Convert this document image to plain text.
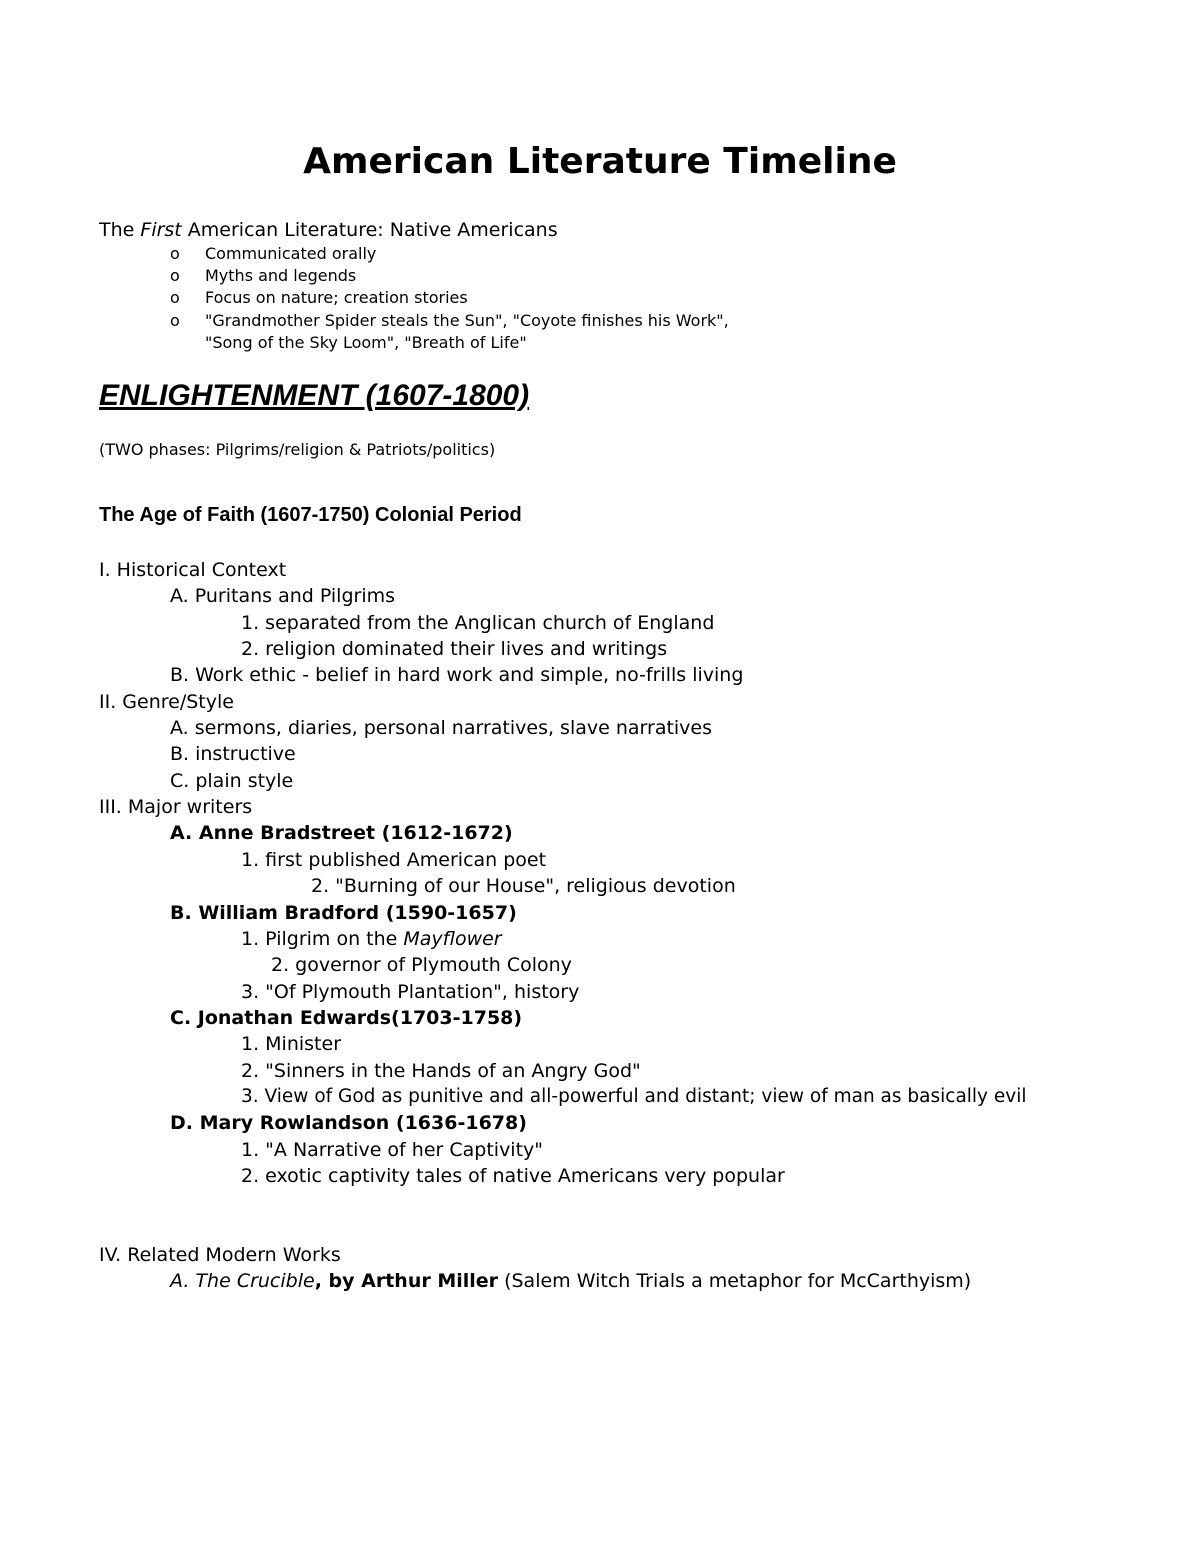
American Literature Timeline
The First American Literature: Native Americans
o Communicated orally
o Myths and legends
o Focus on nature; creation stories
o "Grandmother Spider steals the Sun", "Coyote finishes his Work",
"Song of the Sky Loom", "Breath of Life"
ENLIGHTENMENT (1607-1800)
(TWO phases: Pilgrims/religion & Patriots/politics)
The Age of Faith (1607-1750) Colonial Period
I. Historical Context
A. Puritans and Pilgrims
1. separated from the Anglican church of England
2. religion dominated their lives and writings
B. Work ethic - belief in hard work and simple, no-frills living
II. Genre/Style
A. sermons, diaries, personal narratives, slave narratives
B. instructive
C. plain style
III. Major writers
A. Anne Bradstreet (1612-1672)
1. first published American poet
2. "Burning of our House", religious devotion
B. William Bradford (1590-1657)
1. Pilgrim on the Mayflower
2. governor of Plymouth Colony
3. "Of Plymouth Plantation", history
C. Jonathan Edwards(1703-1758)
1. Minister
2. "Sinners in the Hands of an Angry God"
3. View of God as punitive and all-powerful and distant; view of man as basically evil
D. Mary Rowlandson (1636-1678)
1. "A Narrative of her Captivity"
2. exotic captivity tales of native Americans very popular
IV. Related Modern Works
A. The Crucible, by Arthur Miller (Salem Witch Trials a metaphor for McCarthyism)
